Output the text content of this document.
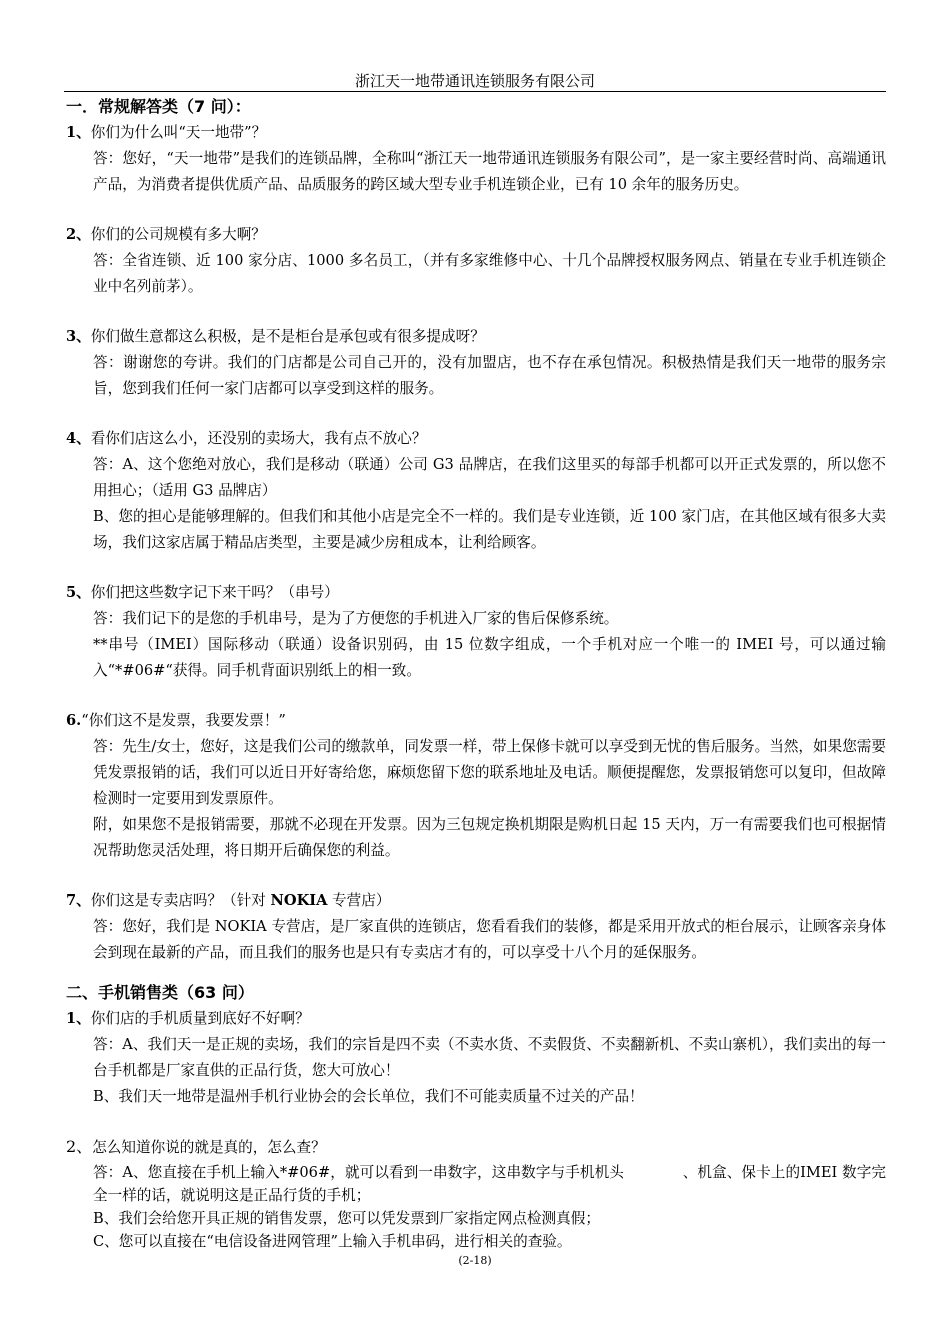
浙江天一地带通讯连锁服务有限公司
一．常规解答类（7 问）：
1、你们为什么叫“天一地带”？

答：您好，“天一地带”是我们的连锁品牌，全称叫“浙江天一地带通讯连锁服务有限公司”，是一家主要经营时尚、高端通讯产品，为消费者提供优质产品、品质服务的跨区域大型专业手机连锁企业，已有 10 余年的服务历史。

2、你们的公司规模有多大啊？

答：全省连锁、近 100 家分店、1000 多名员工，（并有多家维修中心、十几个品牌授权服务网点、销量在专业手机连锁企业中名列前茅）。

3、你们做生意都这么积极，是不是柜台是承包或有很多提成呀？

答：谢谢您的夸讲。我们的门店都是公司自己开的，没有加盟店，也不存在承包情况。积极热情是我们天一地带的服务宗旨，您到我们任何一家门店都可以享受到这样的服务。

4、看你们店这么小，还没别的卖场大，我有点不放心？

答：A、这个您绝对放心，我们是移动（联通）公司 G3 品牌店，在我们这里买的每部手机都可以开正式发票的，所以您不用担心；（适用 G3 品牌店）

B、您的担心是能够理解的。但我们和其他小店是完全不一样的。我们是专业连锁，近 100 家门店，在其他区域有很多大卖场，我们这家店属于精品店类型，主要是减少房租成本，让利给顾客。

5、你们把这些数字记下来干吗？（串号）

答：我们记下的是您的手机串号，是为了方便您的手机进入厂家的售后保修系统。

**串号（IMEI）国际移动（联通）设备识别码，由 15 位数字组成，一个手机对应一个唯一的 IMEI 号，可以通过输入“*#06#“获得。同手机背面识别纸上的相一致。

6.“你们这不是发票，我要发票！”

答：先生/女士，您好，这是我们公司的缴款单，同发票一样，带上保修卡就可以享受到无忧的售后服务。当然，如果您需要凭发票报销的话，我们可以近日开好寄给您，麻烦您留下您的联系地址及电话。顺便提醒您，发票报销您可以复印，但故障检测时一定要用到发票原件。

附，如果您不是报销需要，那就不必现在开发票。因为三包规定换机期限是购机日起 15 天内，万一有需要我们也可根据情况帮助您灵活处理，将日期开后确保您的利益。

7、你们这是专卖店吗？（针对 NOKIA 专营店）

答：您好，我们是 NOKIA 专营店，是厂家直供的连锁店，您看看我们的装修，都是采用开放式的柜台展示，让顾客亲身体会到现在最新的产品，而且我们的服务也是只有专卖店才有的，可以享受十八个月的延保服务。

二、手机销售类（63 问）
1、你们店的手机质量到底好不好啊？

答：A、我们天一是正规的卖场，我们的宗旨是四不卖（不卖水货、不卖假货、不卖翻新机、不卖山寨机），我们卖出的每一台手机都是厂家直供的正品行货，您大可放心！

B、我们天一地带是温州手机行业协会的会长单位，我们不可能卖质量不过关的产品！

2、怎么知道你说的就是真的，怎么查？

答：A、您直接在手机上输入*#06#，就可以看到一串数字，这串数字与手机机头　　　　、机盒、保卡上的IMEI 数字完全一样的话，就说明这是正品行货的手机；

B、我们会给您开具正规的销售发票，您可以凭发票到厂家指定网点检测真假；

C、您可以直接在“电信设备进网管理”上输入手机串码，进行相关的查验。

(2-18)
